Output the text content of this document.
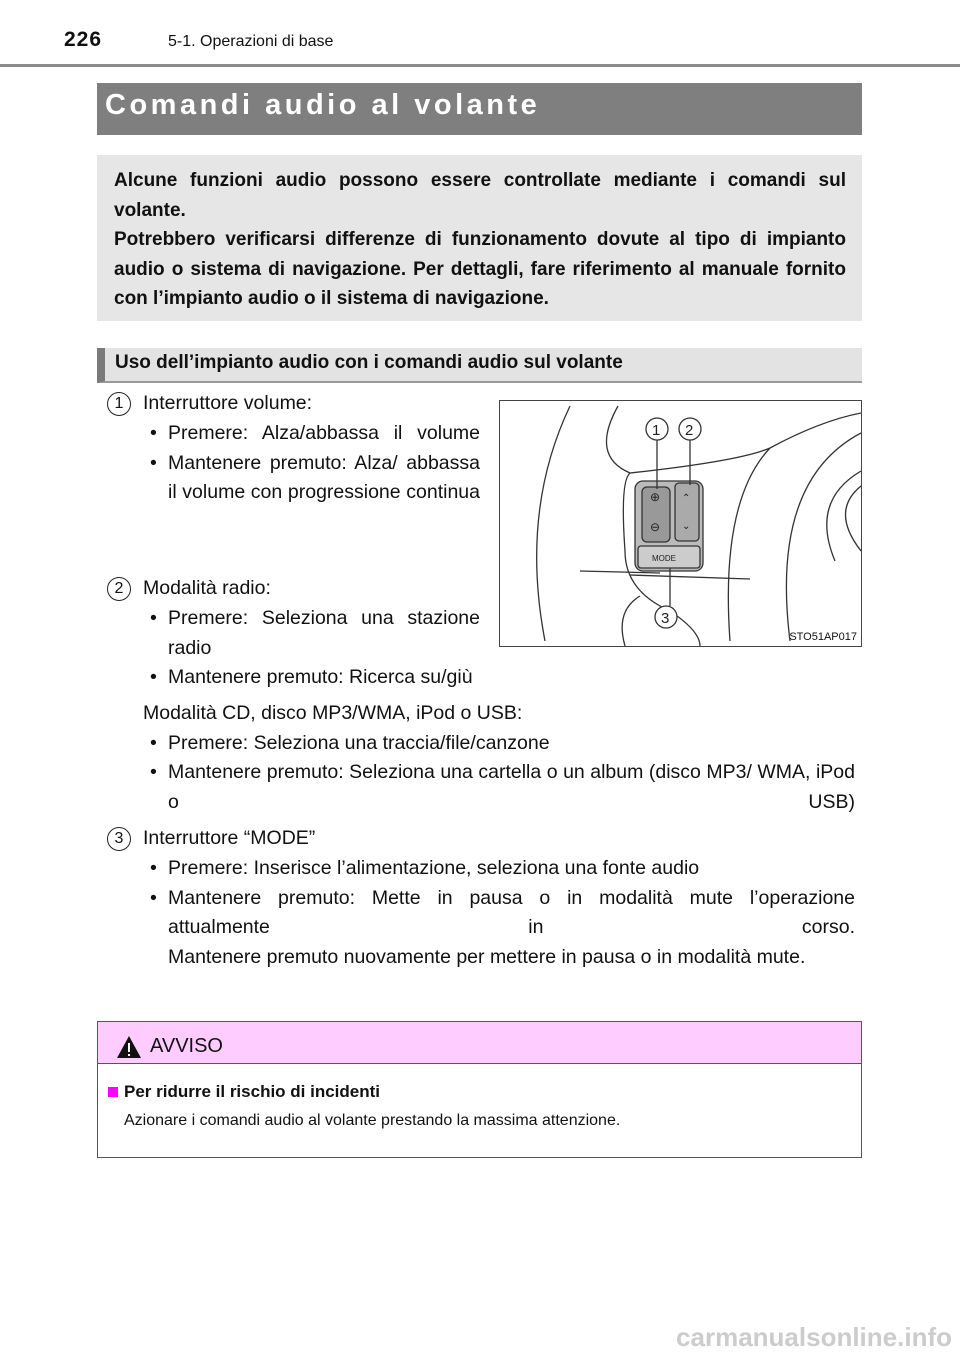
226	5-1. Operazioni di base
Comandi audio al volante

Alcune funzioni audio possono essere controllate mediante i comandi sul volante.

Potrebbero verificarsi differenze di funzionamento dovute al tipo di impianto audio o sistema di navigazione. Per dettagli, fare riferimento al manuale fornito con l’impianto audio o il sistema di navigazione.

Uso dell’impianto audio con i comandi audio sul volante
1	Interruttore volume:
• Premere: Alza/abbassa il volume
• Mantenere premuto: Alza/ abbassa il volume con progressione continua
2	Modalità radio:
• Premere: Seleziona una stazione radio
• Mantenere premuto: Ricerca su/giù
Modalità CD, disco MP3/WMA, iPod o USB:
• Premere: Seleziona una traccia/file/canzone
• Mantenere premuto: Seleziona una cartella o un album (disco MP3/ WMA, iPod o USB)
3	Interruttore “MODE”
• Premere: Inserisce l’alimentazione, seleziona una fonte audio
• Mantenere premuto: Mette in pausa o in modalità mute l’operazione attualmente in corso.
Mantenere premuto nuovamente per mettere in pausa o in modalità mute.
MODE
⊕
⊖
⌃
⌄
1 2
3
STO51AP017
AVVISO
Per ridurre il rischio di incidenti
Azionare i comandi audio al volante prestando la massima attenzione.
carmanualsonline.info
